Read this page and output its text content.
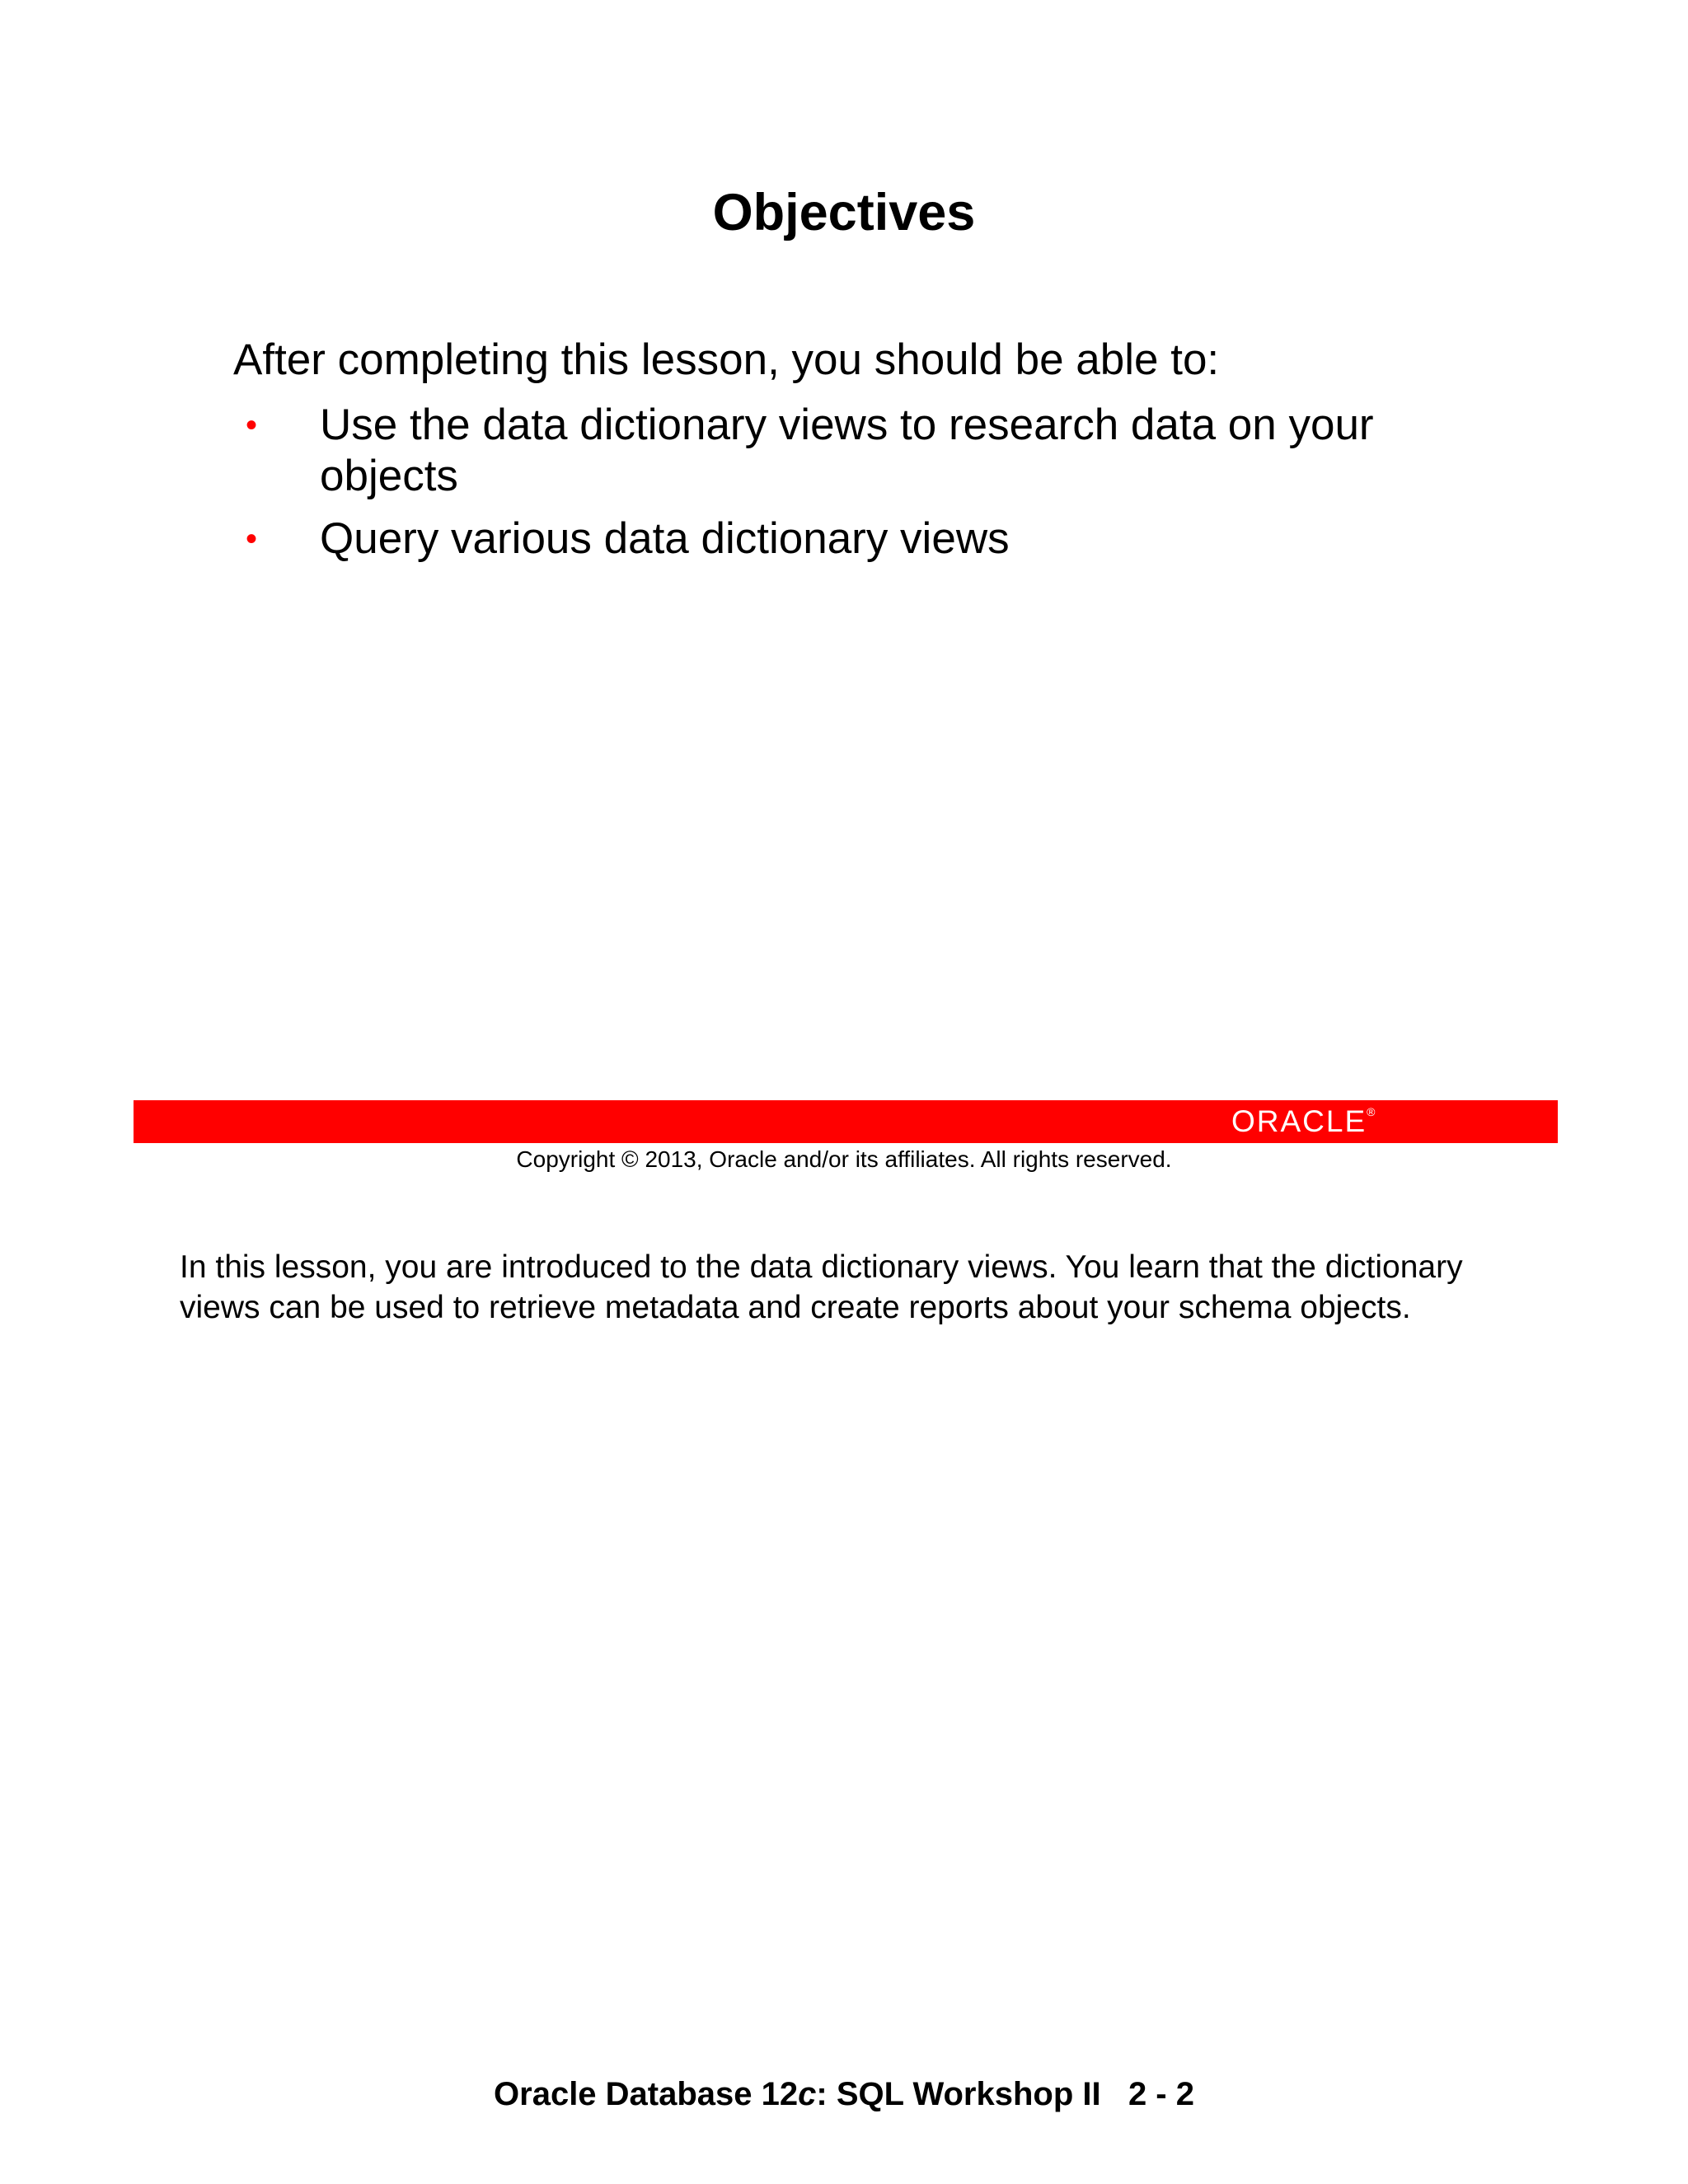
Objectives
After completing this lesson, you should be able to:
• Use the data dictionary views to research data on your objects
• Query various data dictionary views
ORACLE®
Copyright © 2013, Oracle and/or its affiliates. All rights reserved.
In this lesson, you are introduced to the data dictionary views. You learn that the dictionary views can be used to retrieve metadata and create reports about your schema objects.
Oracle Database 12c: SQL Workshop II   2 - 2
